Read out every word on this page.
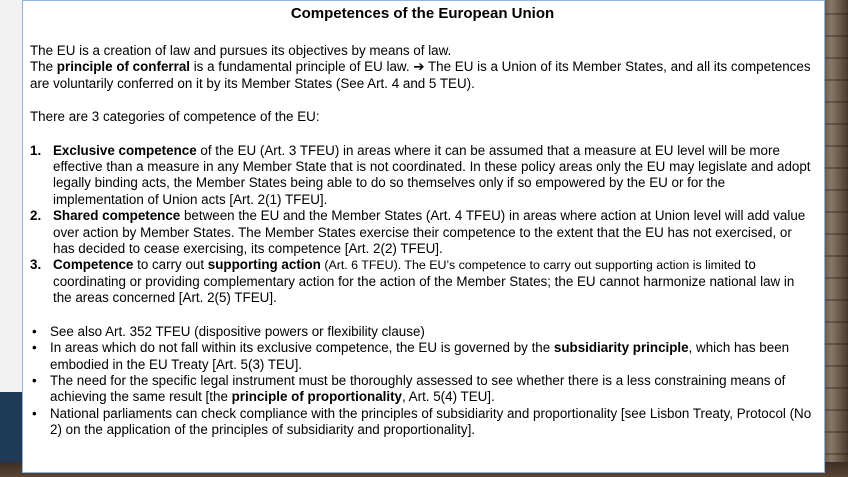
Competences of the European Union

The EU is a creation of law and pursues its objectives by means of law.

The principle of conferral is a fundamental principle of EU law. ➔ The EU is a Union of its Member States, and all its competences are voluntarily conferred on it by its Member States (See Art. 4 and 5 TEU).

There are 3 categories of competence of the EU:

1. Exclusive competence of the EU (Art. 3 TFEU) in areas where it can be assumed that a measure at EU level will be more effective than a measure in any Member State that is not coordinated. In these policy areas only the EU may legislate and adopt legally binding acts, the Member States being able to do so themselves only if so empowered by the EU or for the implementation of Union acts [Art. 2(1) TFEU].
2. Shared competence between the EU and the Member States (Art. 4 TFEU) in areas where action at Union level will add value over action by Member States. The Member States exercise their competence to the extent that the EU has not exercised, or has decided to cease exercising, its competence [Art. 2(2) TFEU].
3. Competence to carry out supporting action (Art. 6 TFEU). The EU’s competence to carry out supporting action is limited to coordinating or providing complementary action for the action of the Member States; the EU cannot harmonize national law in the areas concerned [Art. 2(5) TFEU].
• See also Art. 352 TFEU (dispositive powers or flexibility clause)
• In areas which do not fall within its exclusive competence, the EU is governed by the subsidiarity principle, which has been embodied in the EU Treaty [Art. 5(3) TEU].
• The need for the specific legal instrument must be thoroughly assessed to see whether there is a less constraining means of achieving the same result [the principle of proportionality, Art. 5(4) TEU].
• National parliaments can check compliance with the principles of subsidiarity and proportionality [see Lisbon Treaty, Protocol (No 2) on the application of the principles of subsidiarity and proportionality].
